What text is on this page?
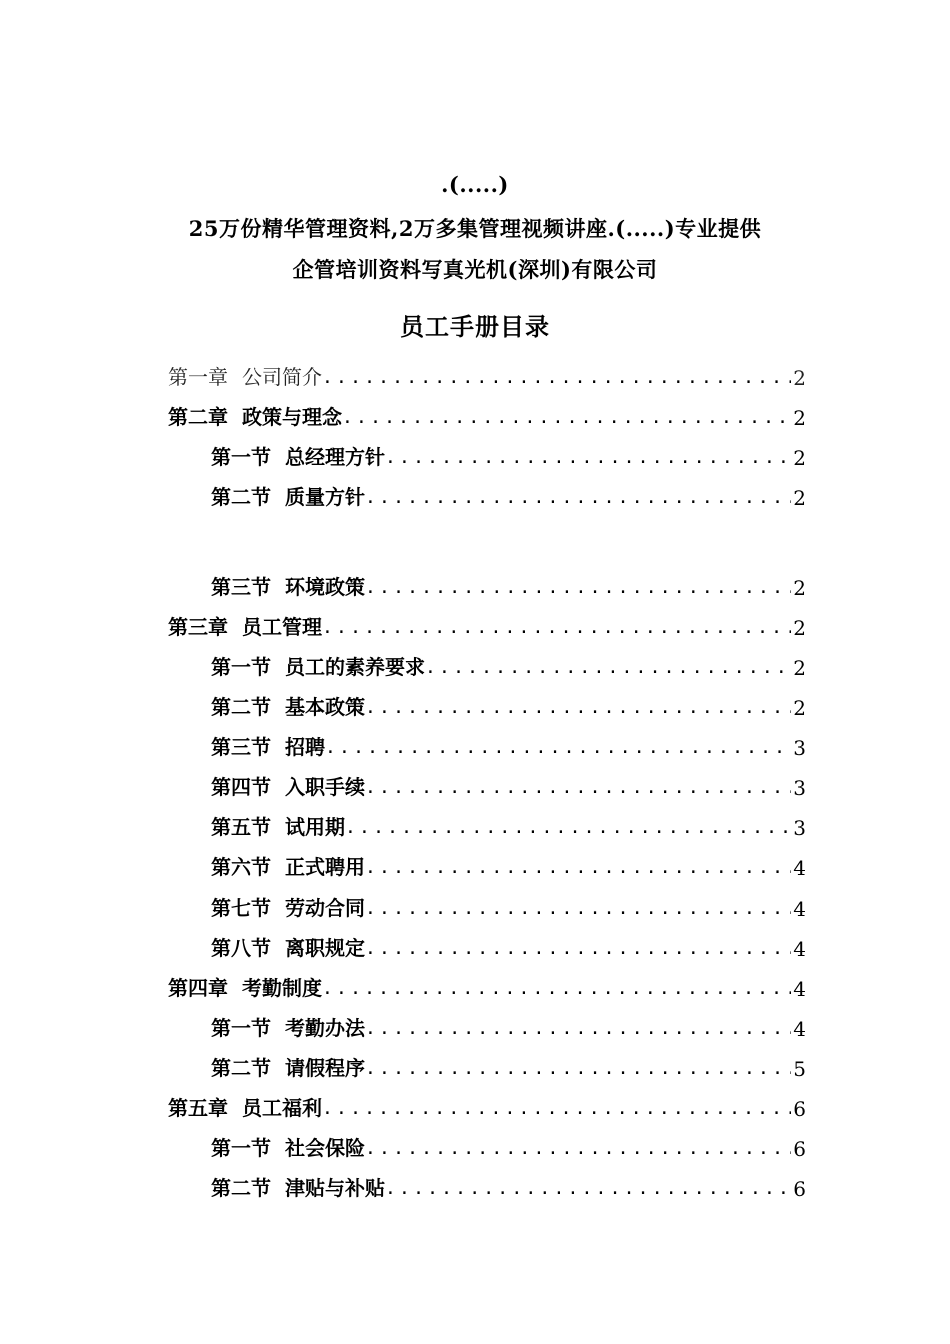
.(.....)
25万份精华管理资料,2万多集管理视频讲座.(.....)专业提供
企管培训资料写真光机(深圳)有限公司
员工手册目录
第一章 公司简介 .....	2
第二章 政策与理念 .....	2
第一节 总经理方针 .....	2
第二节 质量方针 .....	2
第三节 环境政策 .....	2
第三章 员工管理 .....	2
第一节 员工的素养要求 .....	2
第二节 基本政策 .....	2
第三节 招聘 .....	3
第四节 入职手续 .....	3
第五节 试用期 .....	3
第六节 正式聘用 .....	4
第七节 劳动合同 .....	4
第八节 离职规定 .....	4
第四章 考勤制度 .....	4
第一节 考勤办法 .....	4
第二节 请假程序 .....	5
第五章 员工福利 .....	6
第一节 社会保险 .....	6
第二节 津贴与补贴 .....	6
